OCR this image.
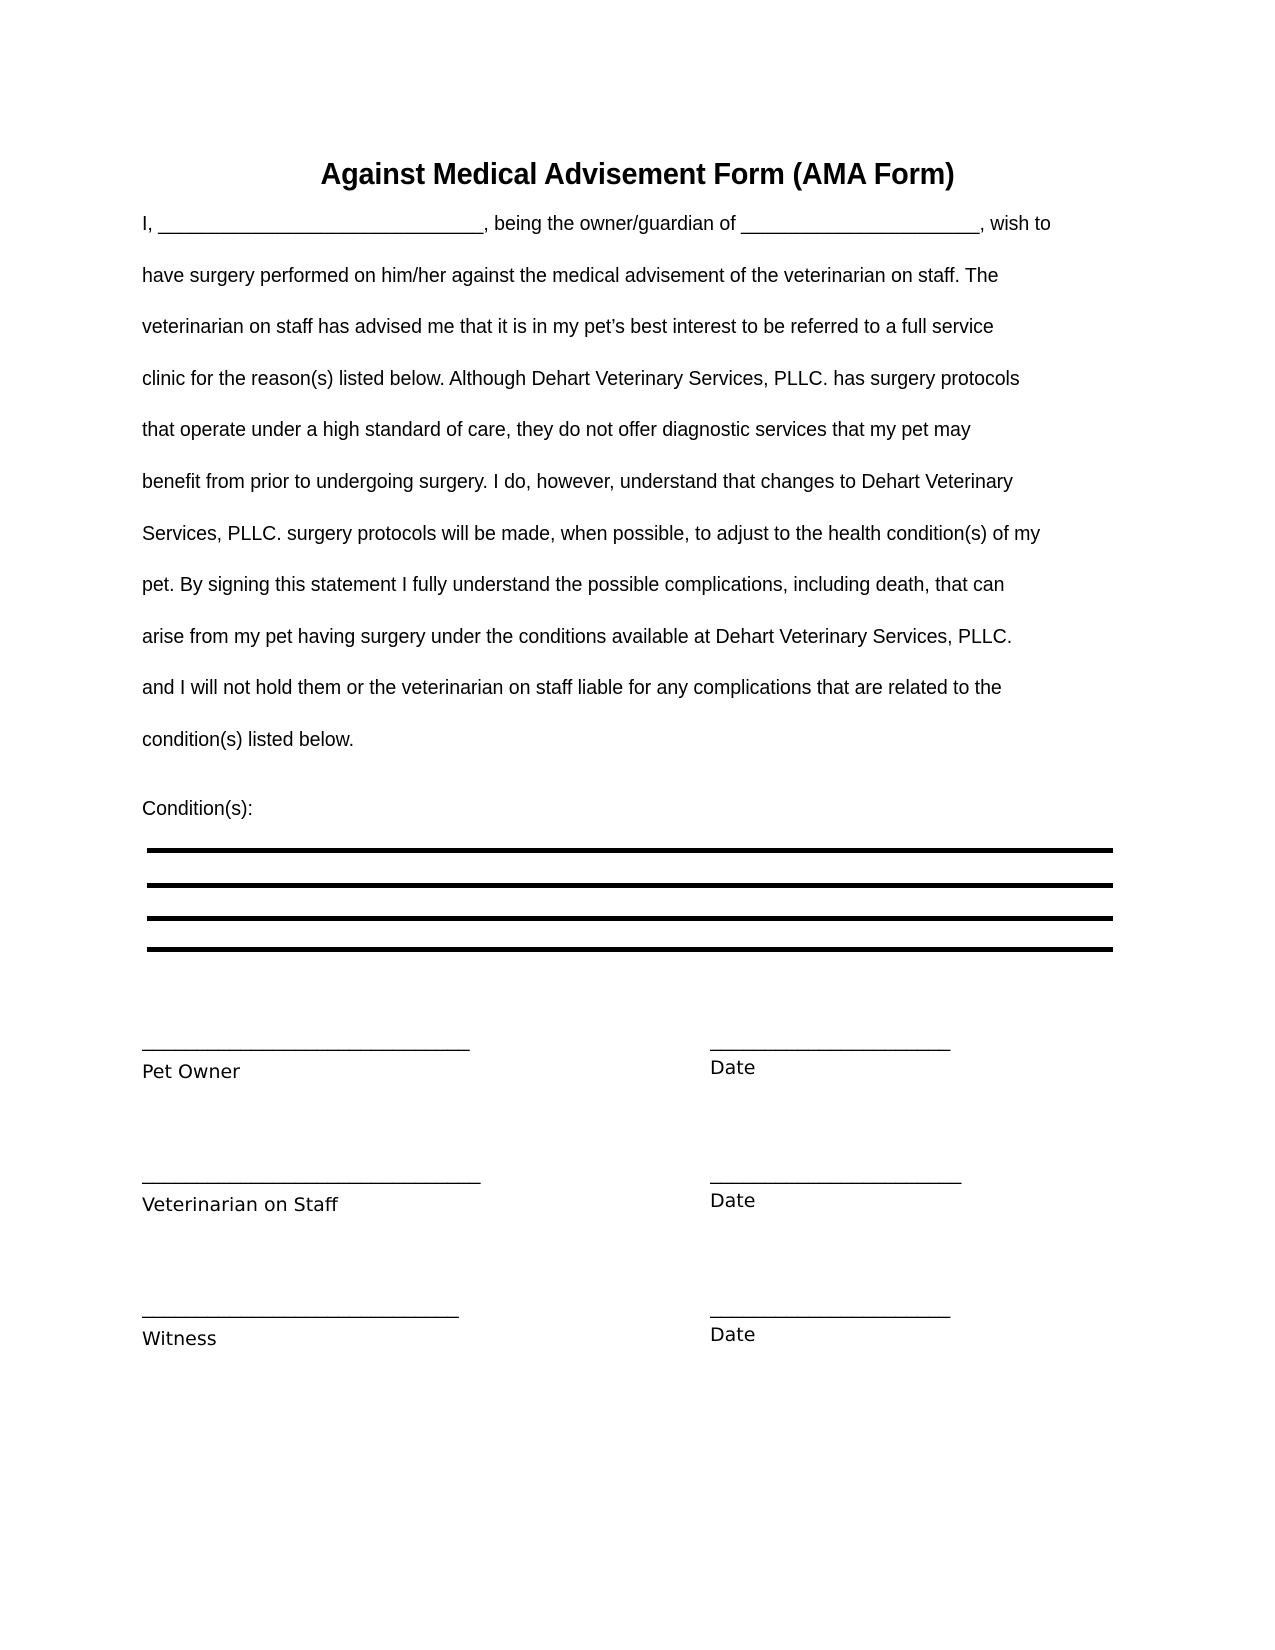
Against Medical Advisement Form (AMA Form)
I, ______________________________, being the owner/guardian of ______________________, wish to
have surgery performed on him/her against the medical advisement of the veterinarian on staff. The
veterinarian on staff has advised me that it is in my pet’s best interest to be referred to a full service
clinic for the reason(s) listed below. Although Dehart Veterinary Services, PLLC. has surgery protocols
that operate under a high standard of care, they do not offer diagnostic services that my pet may
benefit from prior to undergoing surgery. I do, however, understand that changes to Dehart Veterinary
Services, PLLC. surgery protocols will be made, when possible, to adjust to the health condition(s) of my
pet. By signing this statement I fully understand the possible complications, including death, that can
arise from my pet having surgery under the conditions available at Dehart Veterinary Services, PLLC.
and I will not hold them or the veterinarian on staff liable for any complications that are related to the
condition(s) listed below.
Condition(s):
______________________________
Pet Owner
______________________
Date
_______________________________
Veterinarian on Staff
_______________________
Date
_____________________________
Witness
______________________
Date
